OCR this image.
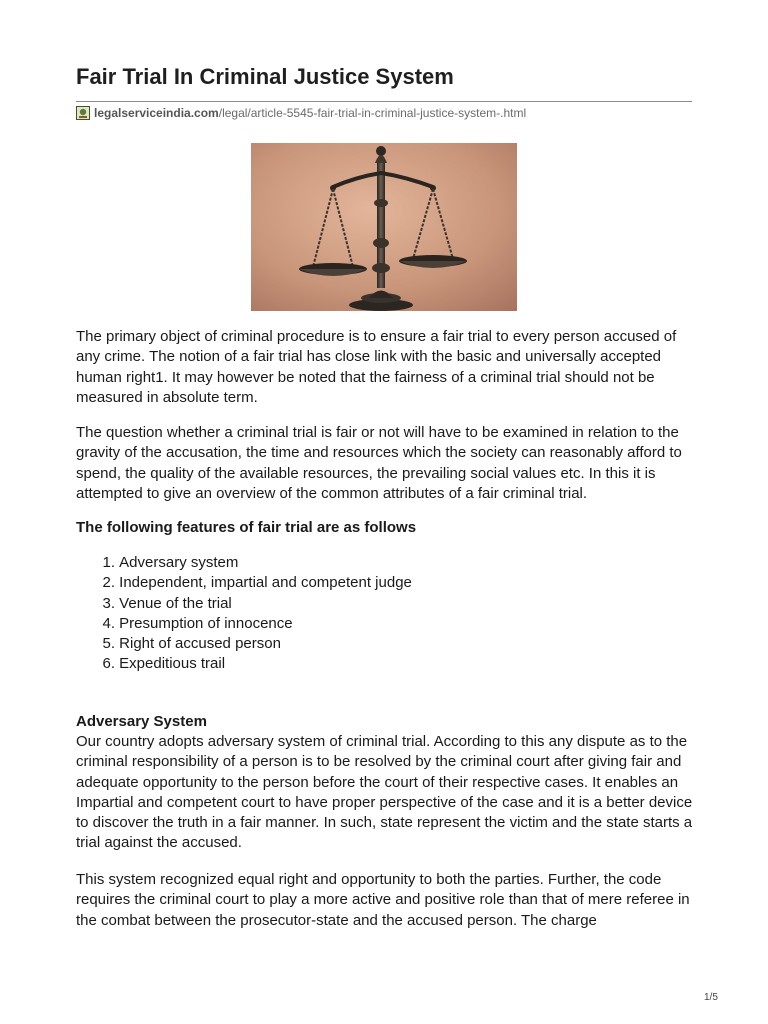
Fair Trial In Criminal Justice System
legalserviceindia.com /legal/article-5545-fair-trial-in-criminal-justice-system-.html

The primary object of criminal procedure is to ensure a fair trial to every person accused of any crime. The notion of a fair trial has close link with the basic and universally accepted human right1. It may however be noted that the fairness of a criminal trial should not be measured in absolute term.

The question whether a criminal trial is fair or not will have to be examined in relation to the gravity of the accusation, the time and resources which the society can reasonably afford to spend, the quality of the available resources, the prevailing social values etc. In this it is attempted to give an overview of the common attributes of a fair criminal trial.

The following features of fair trial are as follows

1.
Adversary system
2.
Independent, impartial and competent judge
3.
Venue of the trial
4.
Presumption of innocence
5.
Right of accused person
6.
Expeditious trail

Adversary System

Our country adopts adversary system of criminal trial. According to this any dispute as to the criminal responsibility of a person is to be resolved by the criminal court after giving fair and adequate opportunity to the person before the court of their respective cases. It enables an Impartial and competent court to have proper perspective of the case and it is a better device to discover the truth in a fair manner. In such, state represent the victim and the state starts a trial against the accused.

This system recognized equal right and opportunity to both the parties. Further, the code requires the criminal court to play a more active and positive role than that of mere referee in the combat between the prosecutor-state and the accused person. The charge

1/5
